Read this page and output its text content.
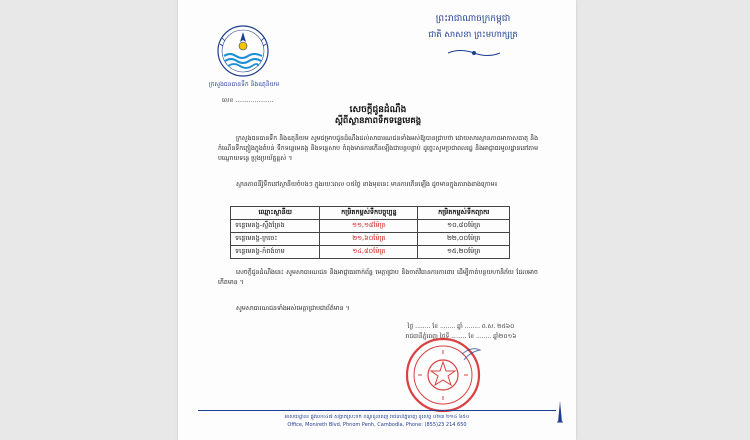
ក្រសួងធនធានទឹក និងឧតុនិយម
ព្រះរាជាណាចក្រកម្ពុជា
ជាតិ សាសនា ព្រះមហាក្សត្រ
លេខ ....................
សេចក្តីជូនដំណឹង
ស្តីពីស្ថានភាពទឹកទន្លេមេគង្គ

ក្រសួងធនធានទឹក និងឧតុនិយម សូមជម្រាបជូនដំណឹងដល់សាធារណជនទាំងអស់ឱ្យបានជ្រាបថា ដោយសារស្ថានភាពអាកាសធាតុ និងកំណើនទឹកភ្លៀងក្នុងតំបន់ ទឹកទន្លេមេគង្គ និងទន្លេសាប កំពុងមានការកើនឡើងជាបន្តបន្ទាប់ ដូច្នេះសូមប្រជាពលរដ្ឋ និងអាជ្ញាធរមូលដ្ឋាននៅតាមបណ្តោយទន្លេ ប្រុងប្រយ័ត្នខ្ពស់ ។

ស្ថានភាពនីវ៉ូទឹកនៅស្ថានីយចំបងៗ ក្នុងរយៈពេល ០៥ថ្ងៃ ខាងមុខនេះ មានការកើនឡើង ដូចមានក្នុងតារាងខាងក្រោម៖

ឈ្មោះស្ថានីយ	កម្រិតកម្ពស់ទឹកបច្ចុប្បន្ន	កម្រិតកម្ពស់ទឹកព្យាករ
ទន្លេមេគង្គ-ស្ទឹងត្រែង	១១,១៨ម៉ែត្រ	១០,៨០ម៉ែត្រ
ទន្លេមេគង្គ-ក្រចេះ	២១,៦០ម៉ែត្រ	២២,០០ម៉ែត្រ
ទន្លេមេគង្គ-កំពង់ចាម	១៤,៨០ម៉ែត្រ	១៥,២០ម៉ែត្រ

សេចក្តីជូនដំណឹងនេះ សូមសាធារណជន និងអាជ្ញាធរពាក់ព័ន្ធ មេត្តាជ្រាប និងចាត់វិធានការការពារ ដើម្បីកាត់បន្ថយហានិភ័យ ដែលអាចកើតមាន ។

សូមសាធារណជនទាំងអស់មេត្តាជ្រាបជាព័ត៌មាន ។

ថ្ងៃ ........ ខែ ........ ឆ្នាំ ........ ព.ស. ២៥៦០
រាជធានីភ្នំពេញ ថ្ងៃទី ........ ខែ ........ ឆ្នាំ២០១៦
អាសយដ្ឋាន៖ ផ្លូវលេខ៤៧ សង្កាត់ស្រះចក ខណ្ឌដូនពេញ រាជធានីភ្នំពេញ ទូរស័ព្ទ ០២៣ ២១៤ ៦៥០
Office, Monireth Blvd, Phnom Penh, Cambodia, Phone: (855)23 214 650
